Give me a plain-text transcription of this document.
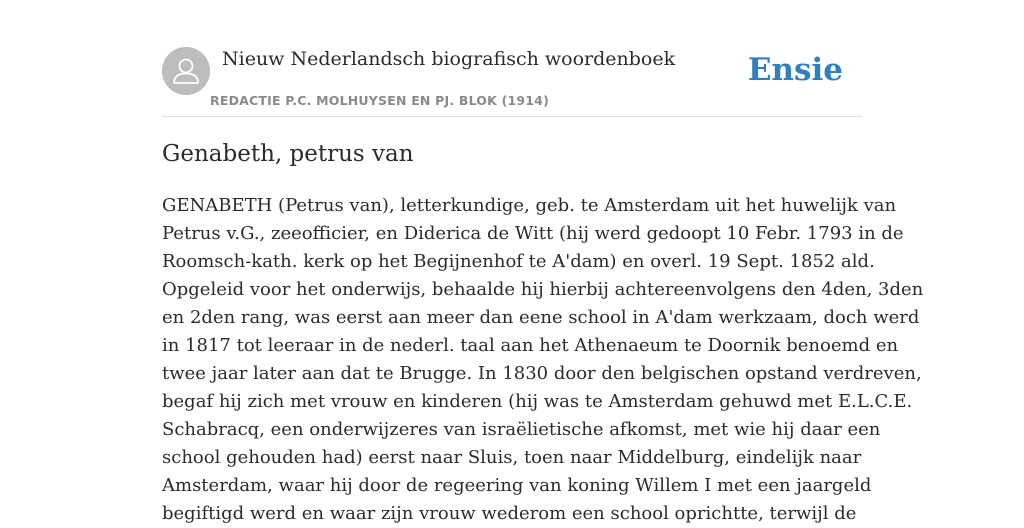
Nieuw Nederlandsch biografisch woordenboek
REDACTIE P.C. MOLHUYSEN EN PJ. BLOK (1914)
Ensie
Genabeth, petrus van
GENABETH (Petrus van), letterkundige, geb. te Amsterdam uit het huwelijk van
Petrus v.G., zeeofficier, en Diderica de Witt (hij werd gedoopt 10 Febr. 1793 in de
Roomsch-kath. kerk op het Begijnenhof te A'dam) en overl. 19 Sept. 1852 ald.
Opgeleid voor het onderwijs, behaalde hij hierbij achtereenvolgens den 4den, 3den
en 2den rang, was eerst aan meer dan eene school in A'dam werkzaam, doch werd
in 1817 tot leeraar in de nederl. taal aan het Athenaeum te Doornik benoemd en
twee jaar later aan dat te Brugge. In 1830 door den belgischen opstand verdreven,
begaf hij zich met vrouw en kinderen (hij was te Amsterdam gehuwd met E.L.C.E.
Schabracq, een onderwijzeres van israëlietische afkomst, met wie hij daar een
school gehouden had) eerst naar Sluis, toen naar Middelburg, eindelijk naar
Amsterdam, waar hij door de regeering van koning Willem I met een jaargeld
begiftigd werd en waar zijn vrouw wederom een school oprichtte, terwijl de
